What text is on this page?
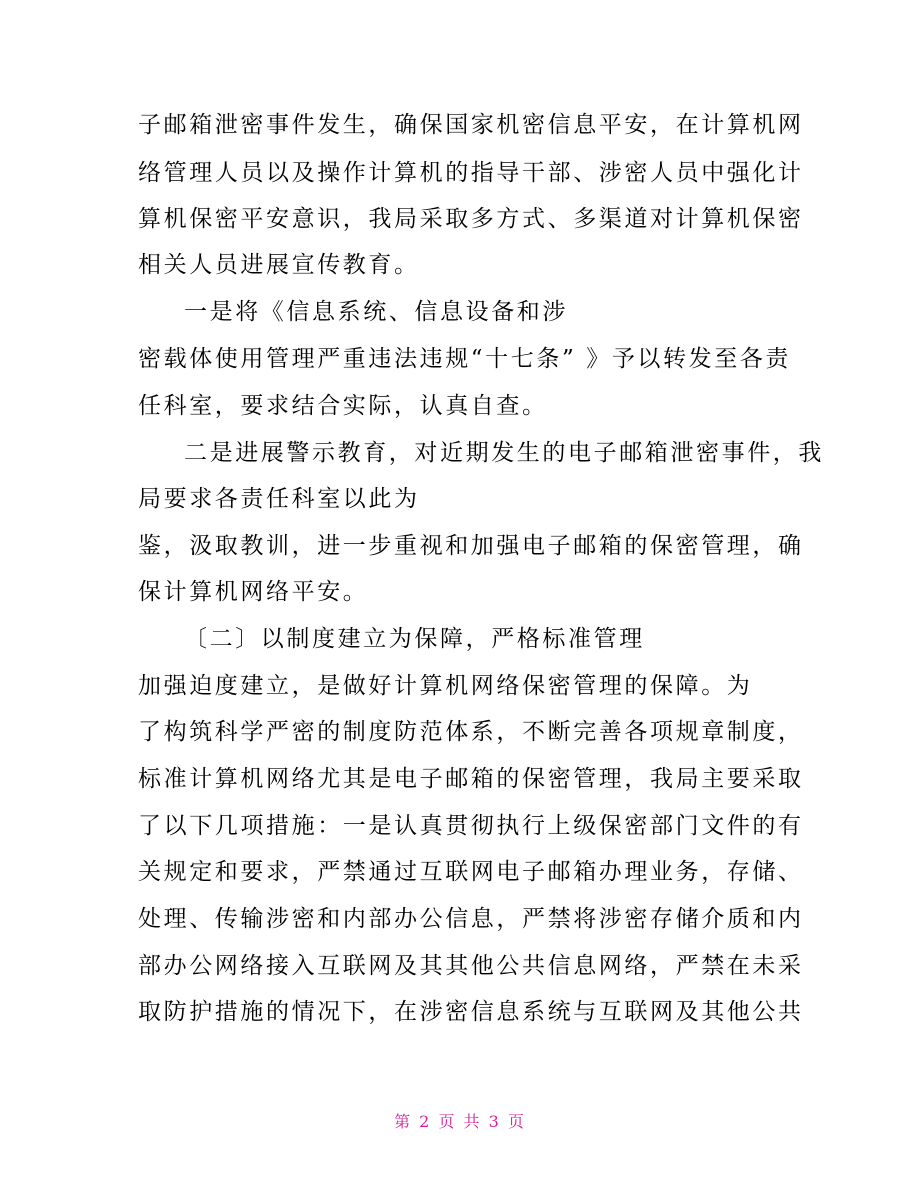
子邮箱泄密事件发生，确保国家机密信息平安，在计算机网

络管理人员以及操作计算机的指导干部、涉密人员中强化计

算机保密平安意识，我局采取多方式、多渠道对计算机保密

相关人员进展宣传教育。

一是将《信息系统、信息设备和涉

密载体使用管理严重违法违规“十七条” 》予以转发至各责

任科室，要求结合实际，认真自查。

二是进展警示教育，对近期发生的电子邮箱泄密事件，我

局要求各责任科室以此为

鉴，汲取教训，进一步重视和加强电子邮箱的保密管理，确

保计算机网络平安。

〔二〕以制度建立为保障，严格标准管理

加强迫度建立，是做好计算机网络保密管理的保障。为

了构筑科学严密的制度防范体系，不断完善各项规章制度，

标准计算机网络尤其是电子邮箱的保密管理，我局主要采取

了以下几项措施：一是认真贯彻执行上级保密部门文件的有

关规定和要求，严禁通过互联网电子邮箱办理业务，存储、

处理、传输涉密和内部办公信息，严禁将涉密存储介质和内

部办公网络接入互联网及其其他公共信息网络，严禁在未采

取防护措施的情况下，在涉密信息系统与互联网及其他公共

第 2 页 共 3 页
